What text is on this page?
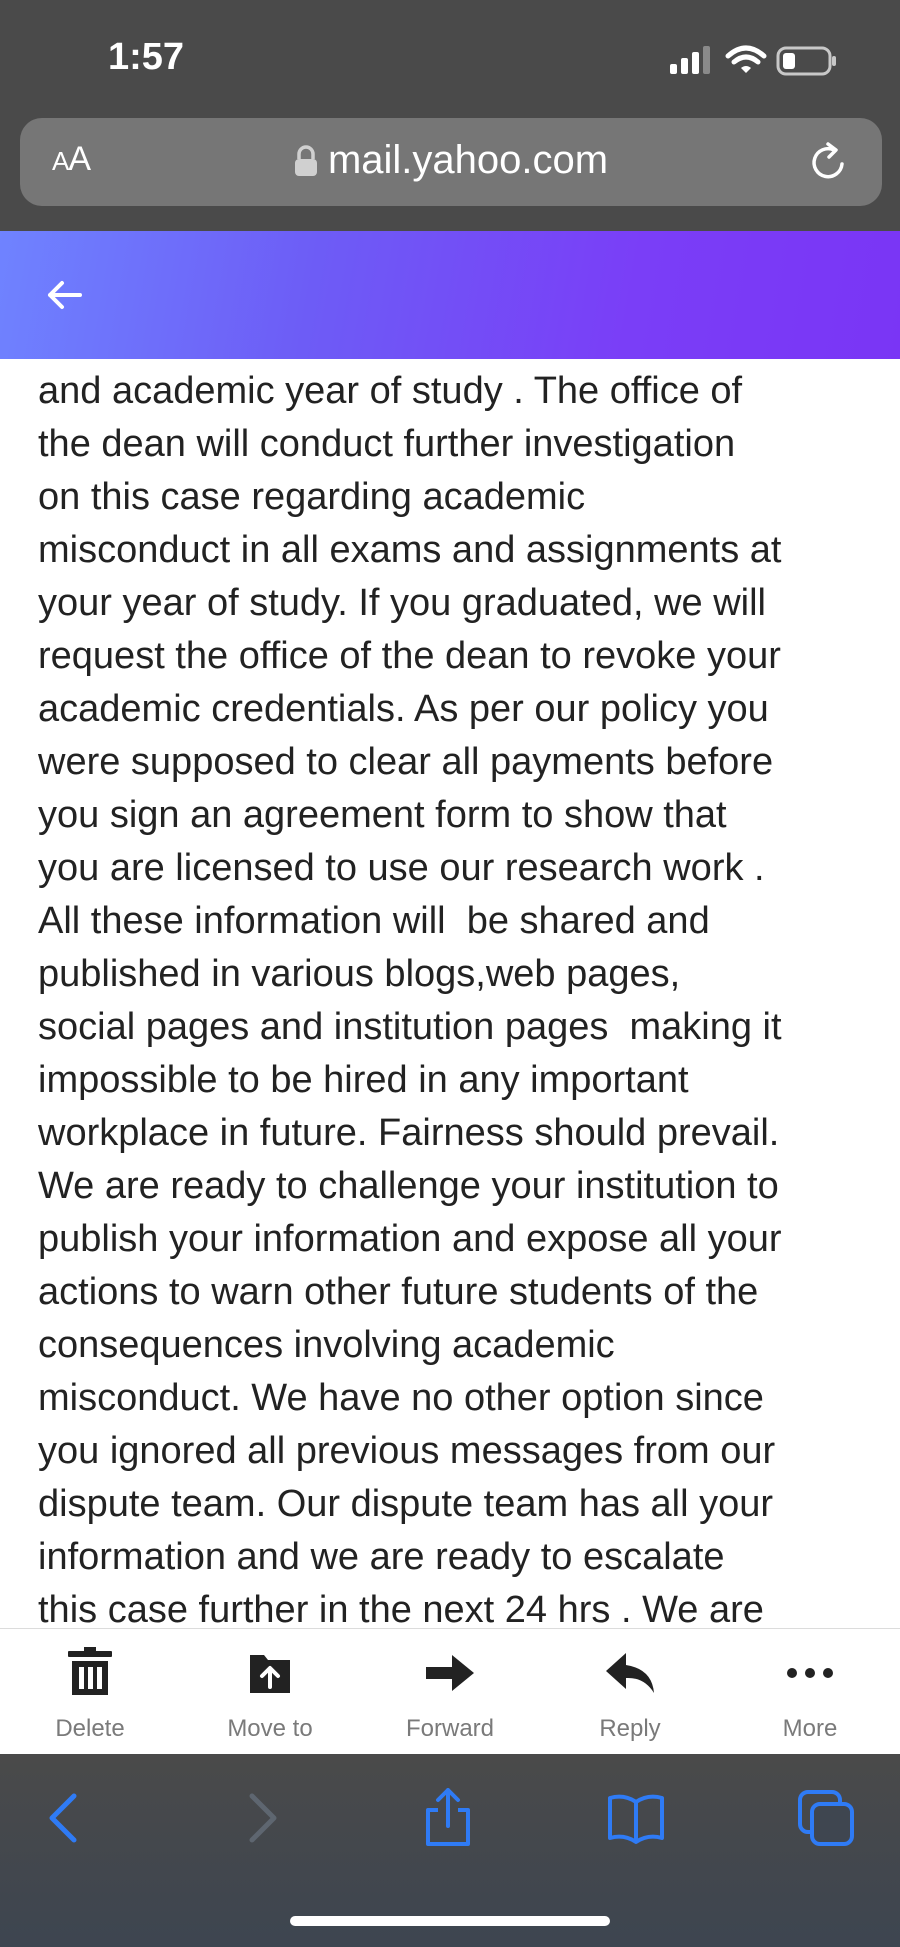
1:57
AA	mail.yahoo.com
and academic year of study . The office of
the dean will conduct further investigation
on this case regarding academic
misconduct in all exams and assignments at
your year of study. If you graduated, we will
request the office of the dean to revoke your
academic credentials. As per our policy you
were supposed to clear all payments before
you sign an agreement form to show that
you are licensed to use our research work .
All these information will  be shared and
published in various blogs,web pages,
social pages and institution pages  making it
impossible to be hired in any important
workplace in future. Fairness should prevail.
We are ready to challenge your institution to
publish your information and expose all your
actions to warn other future students of the
consequences involving academic
misconduct. We have no other option since
you ignored all previous messages from our
dispute team. Our dispute team has all your
information and we are ready to escalate
this case further in the next 24 hrs . We are
Delete	Move to	Forward	Reply	More
